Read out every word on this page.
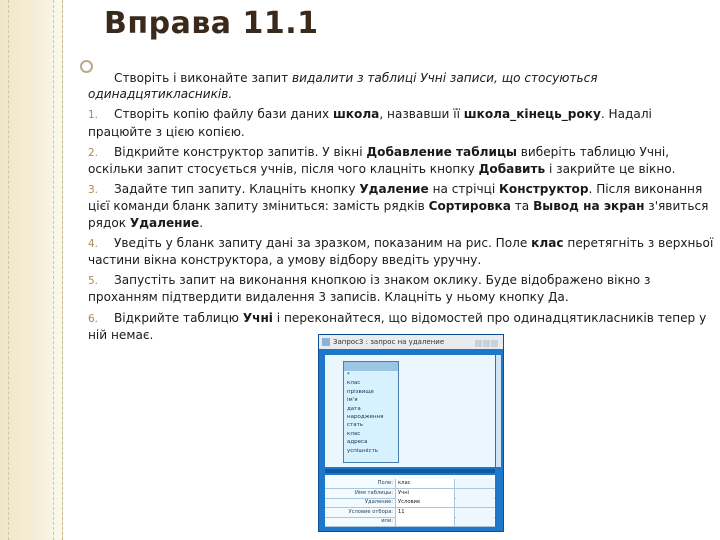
Вправа 11.1

Створіть і виконайте запит видалити з таблиці Учні записи, що стосуються одинадцятикласників.

1. Створіть копію файлу бази даних школа, назвавши її школа_кінець_року. Надалі працюйте з цією копією.

2. Відкрийте конструктор запитів. У вікні Добавление таблицы виберіть таблицю Учні, оскільки запит стосується учнів, після чого клацніть кнопку Добавить і закрийте це вікно.

3. Задайте тип запиту. Клацніть кнопку Удаление на стрічці Конструктор. Після виконання цієї команди бланк запиту зміниться: замість рядків Сортировка та Вывод на экран з'явиться рядок Удаление.

4. Уведіть у бланк запиту дані за зразком, показаним на рис. Поле клас перетягніть з верхньої частини вікна конструктора, а умову відбору введіть уручну.

5. Запустіть запит на виконання кнопкою із знаком оклику. Буде відображено вікно з проханням підтвердити видалення 3 записів. Клацніть у ньому кнопку Да.

6. Відкрийте таблицю Учні і переконайтеся, що відомостей про одинадцятикласників тепер у ній немає.

Запрос3 : запрос на удаление
*
клас
прізвище
ім'я
дата народження
стать
клас
адреса
успішність
Поле: клас
Имя таблицы: Учні
Удаление: Условие
Условие отбора: 11
или:
